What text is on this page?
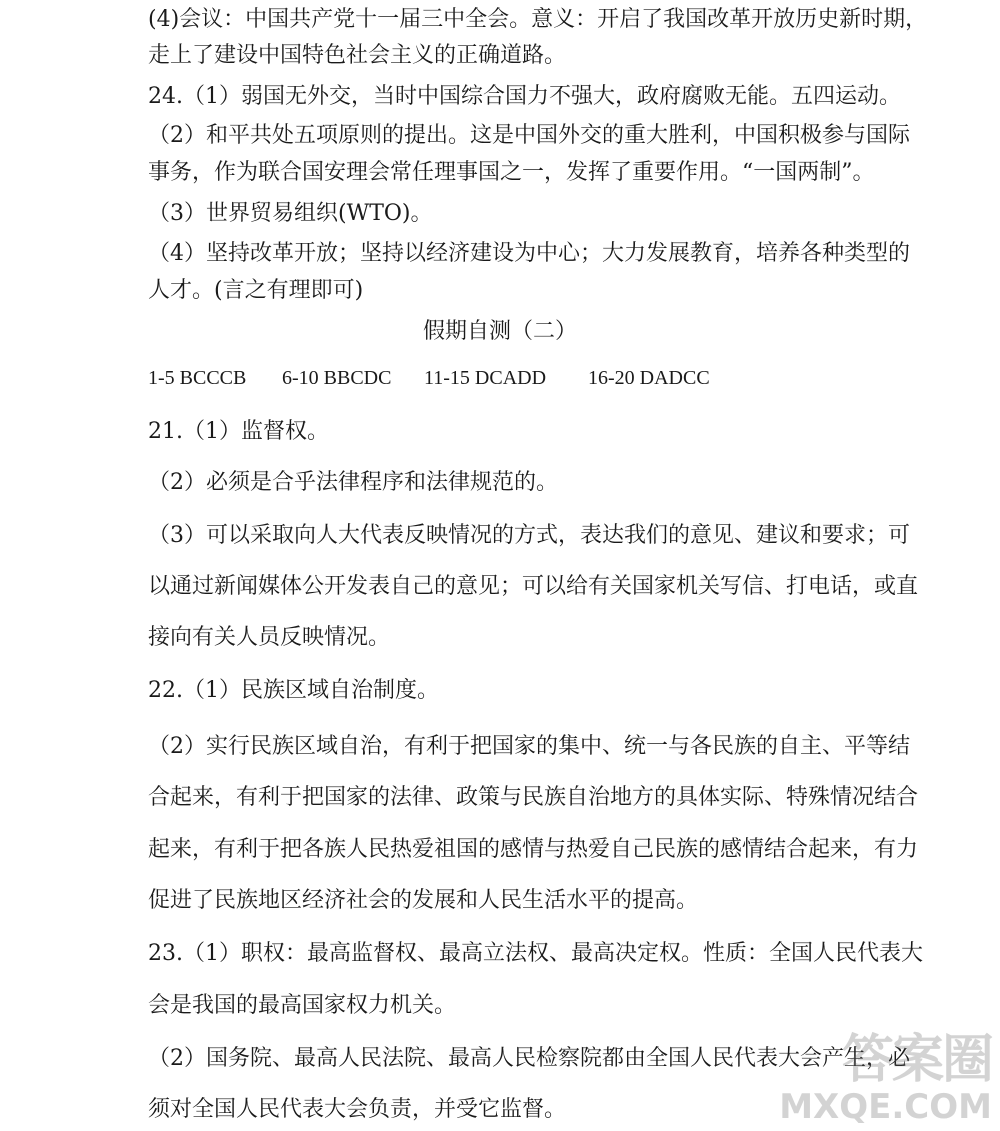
(4)会议：中国共产党十一届三中全会。意义：开启了我国改革开放历史新时期，
走上了建设中国特色社会主义的正确道路。
24.（1）弱国无外交，当时中国综合国力不强大，政府腐败无能。五四运动。
（2）和平共处五项原则的提出。这是中国外交的重大胜利，中国积极参与国际
事务，作为联合国安理会常任理事国之一，发挥了重要作用。“一国两制”。
（3）世界贸易组织(WTO)。
（4）坚持改革开放；坚持以经济建设为中心；大力发展教育，培养各种类型的
人才。(言之有理即可)
假期自测（二）
1-5 BCCCB 6-10 BBCDC 11-15 DCADD 16-20 DADCC
21.（1）监督权。
（2）必须是合乎法律程序和法律规范的。
（3）可以采取向人大代表反映情况的方式，表达我们的意见、建议和要求；可
以通过新闻媒体公开发表自己的意见；可以给有关国家机关写信、打电话，或直
接向有关人员反映情况。
22.（1）民族区域自治制度。
（2）实行民族区域自治，有利于把国家的集中、统一与各民族的自主、平等结
合起来，有利于把国家的法律、政策与民族自治地方的具体实际、特殊情况结合
起来，有利于把各族人民热爱祖国的感情与热爱自己民族的感情结合起来，有力
促进了民族地区经济社会的发展和人民生活水平的提高。
23.（1）职权：最高监督权、最高立法权、最高决定权。性质：全国人民代表大
会是我国的最高国家权力机关。
（2）国务院、最高人民法院、最高人民检察院都由全国人民代表大会产生，必
须对全国人民代表大会负责，并受它监督。
答案圈
MXQE.COM
